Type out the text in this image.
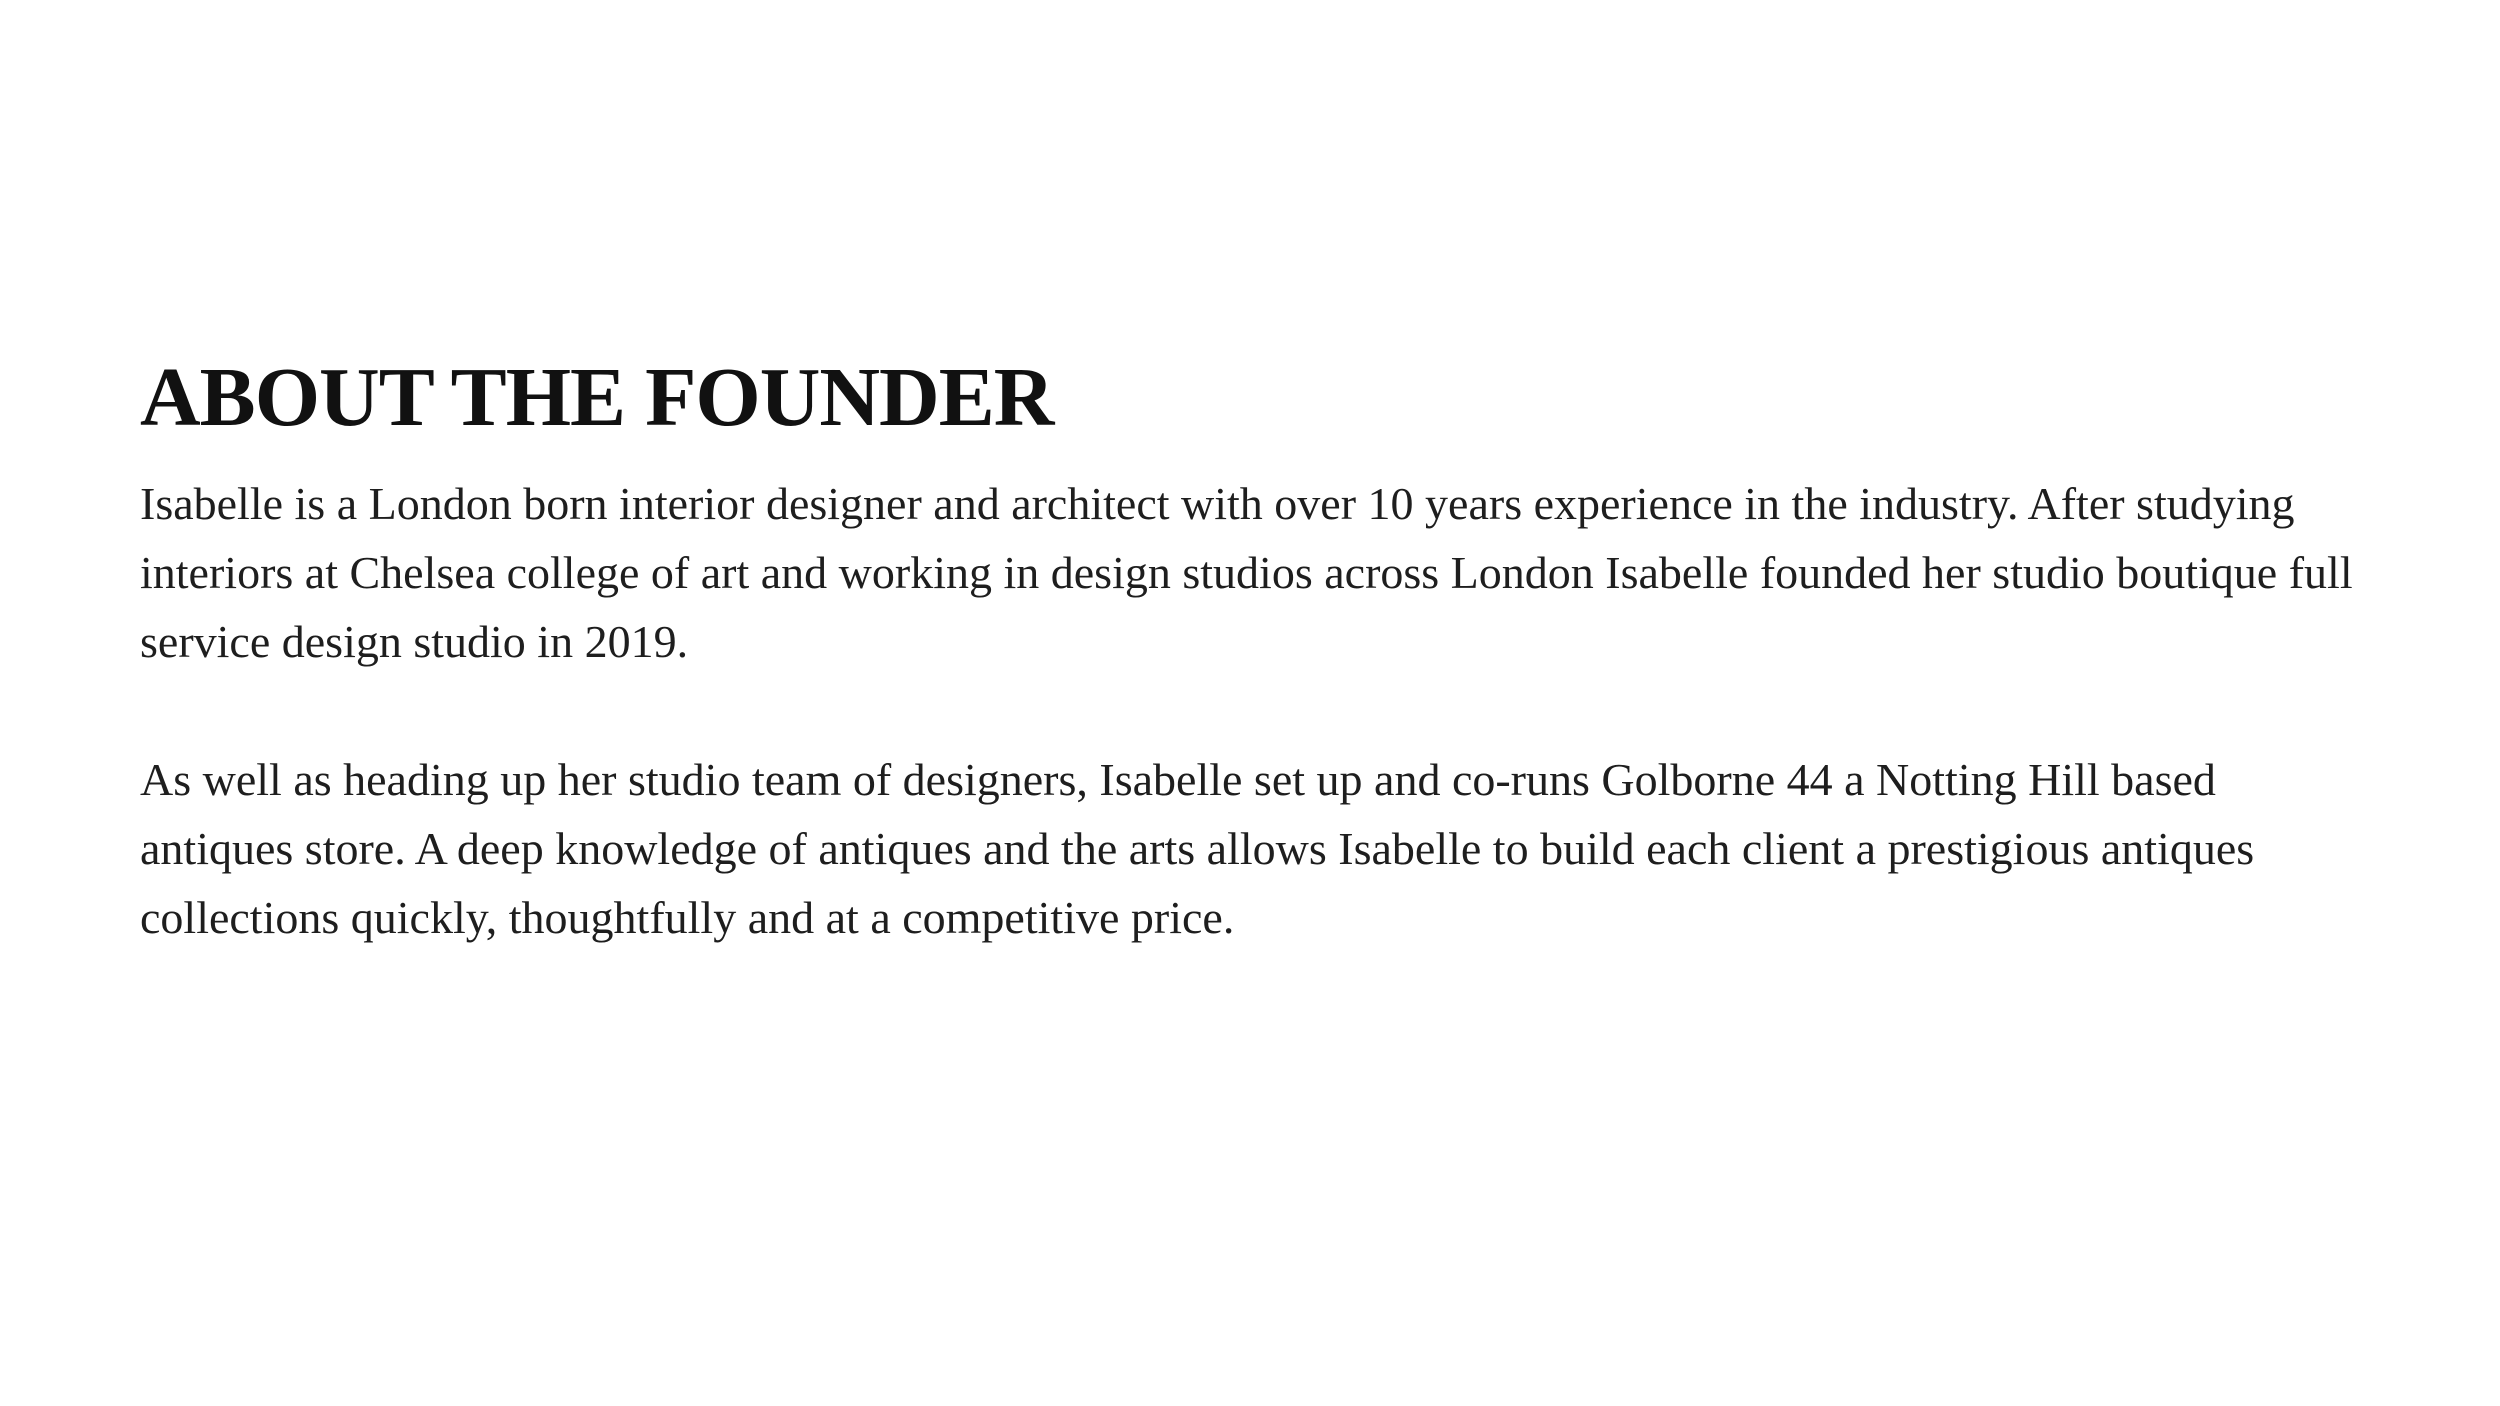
ABOUT THE FOUNDER

Isabelle is a London born interior designer and architect with over 10 years experience in the industry. After studying interiors at Chelsea college of art and working in design studios across London Isabelle founded her studio boutique full service design studio in 2019.

As well as heading up her studio team of designers, Isabelle set up and co-runs Golborne 44 a Notting Hill based antiques store. A deep knowledge of antiques and the arts allows Isabelle to build each client a prestigious antiques collections quickly, thoughtfully and at a competitive price.
